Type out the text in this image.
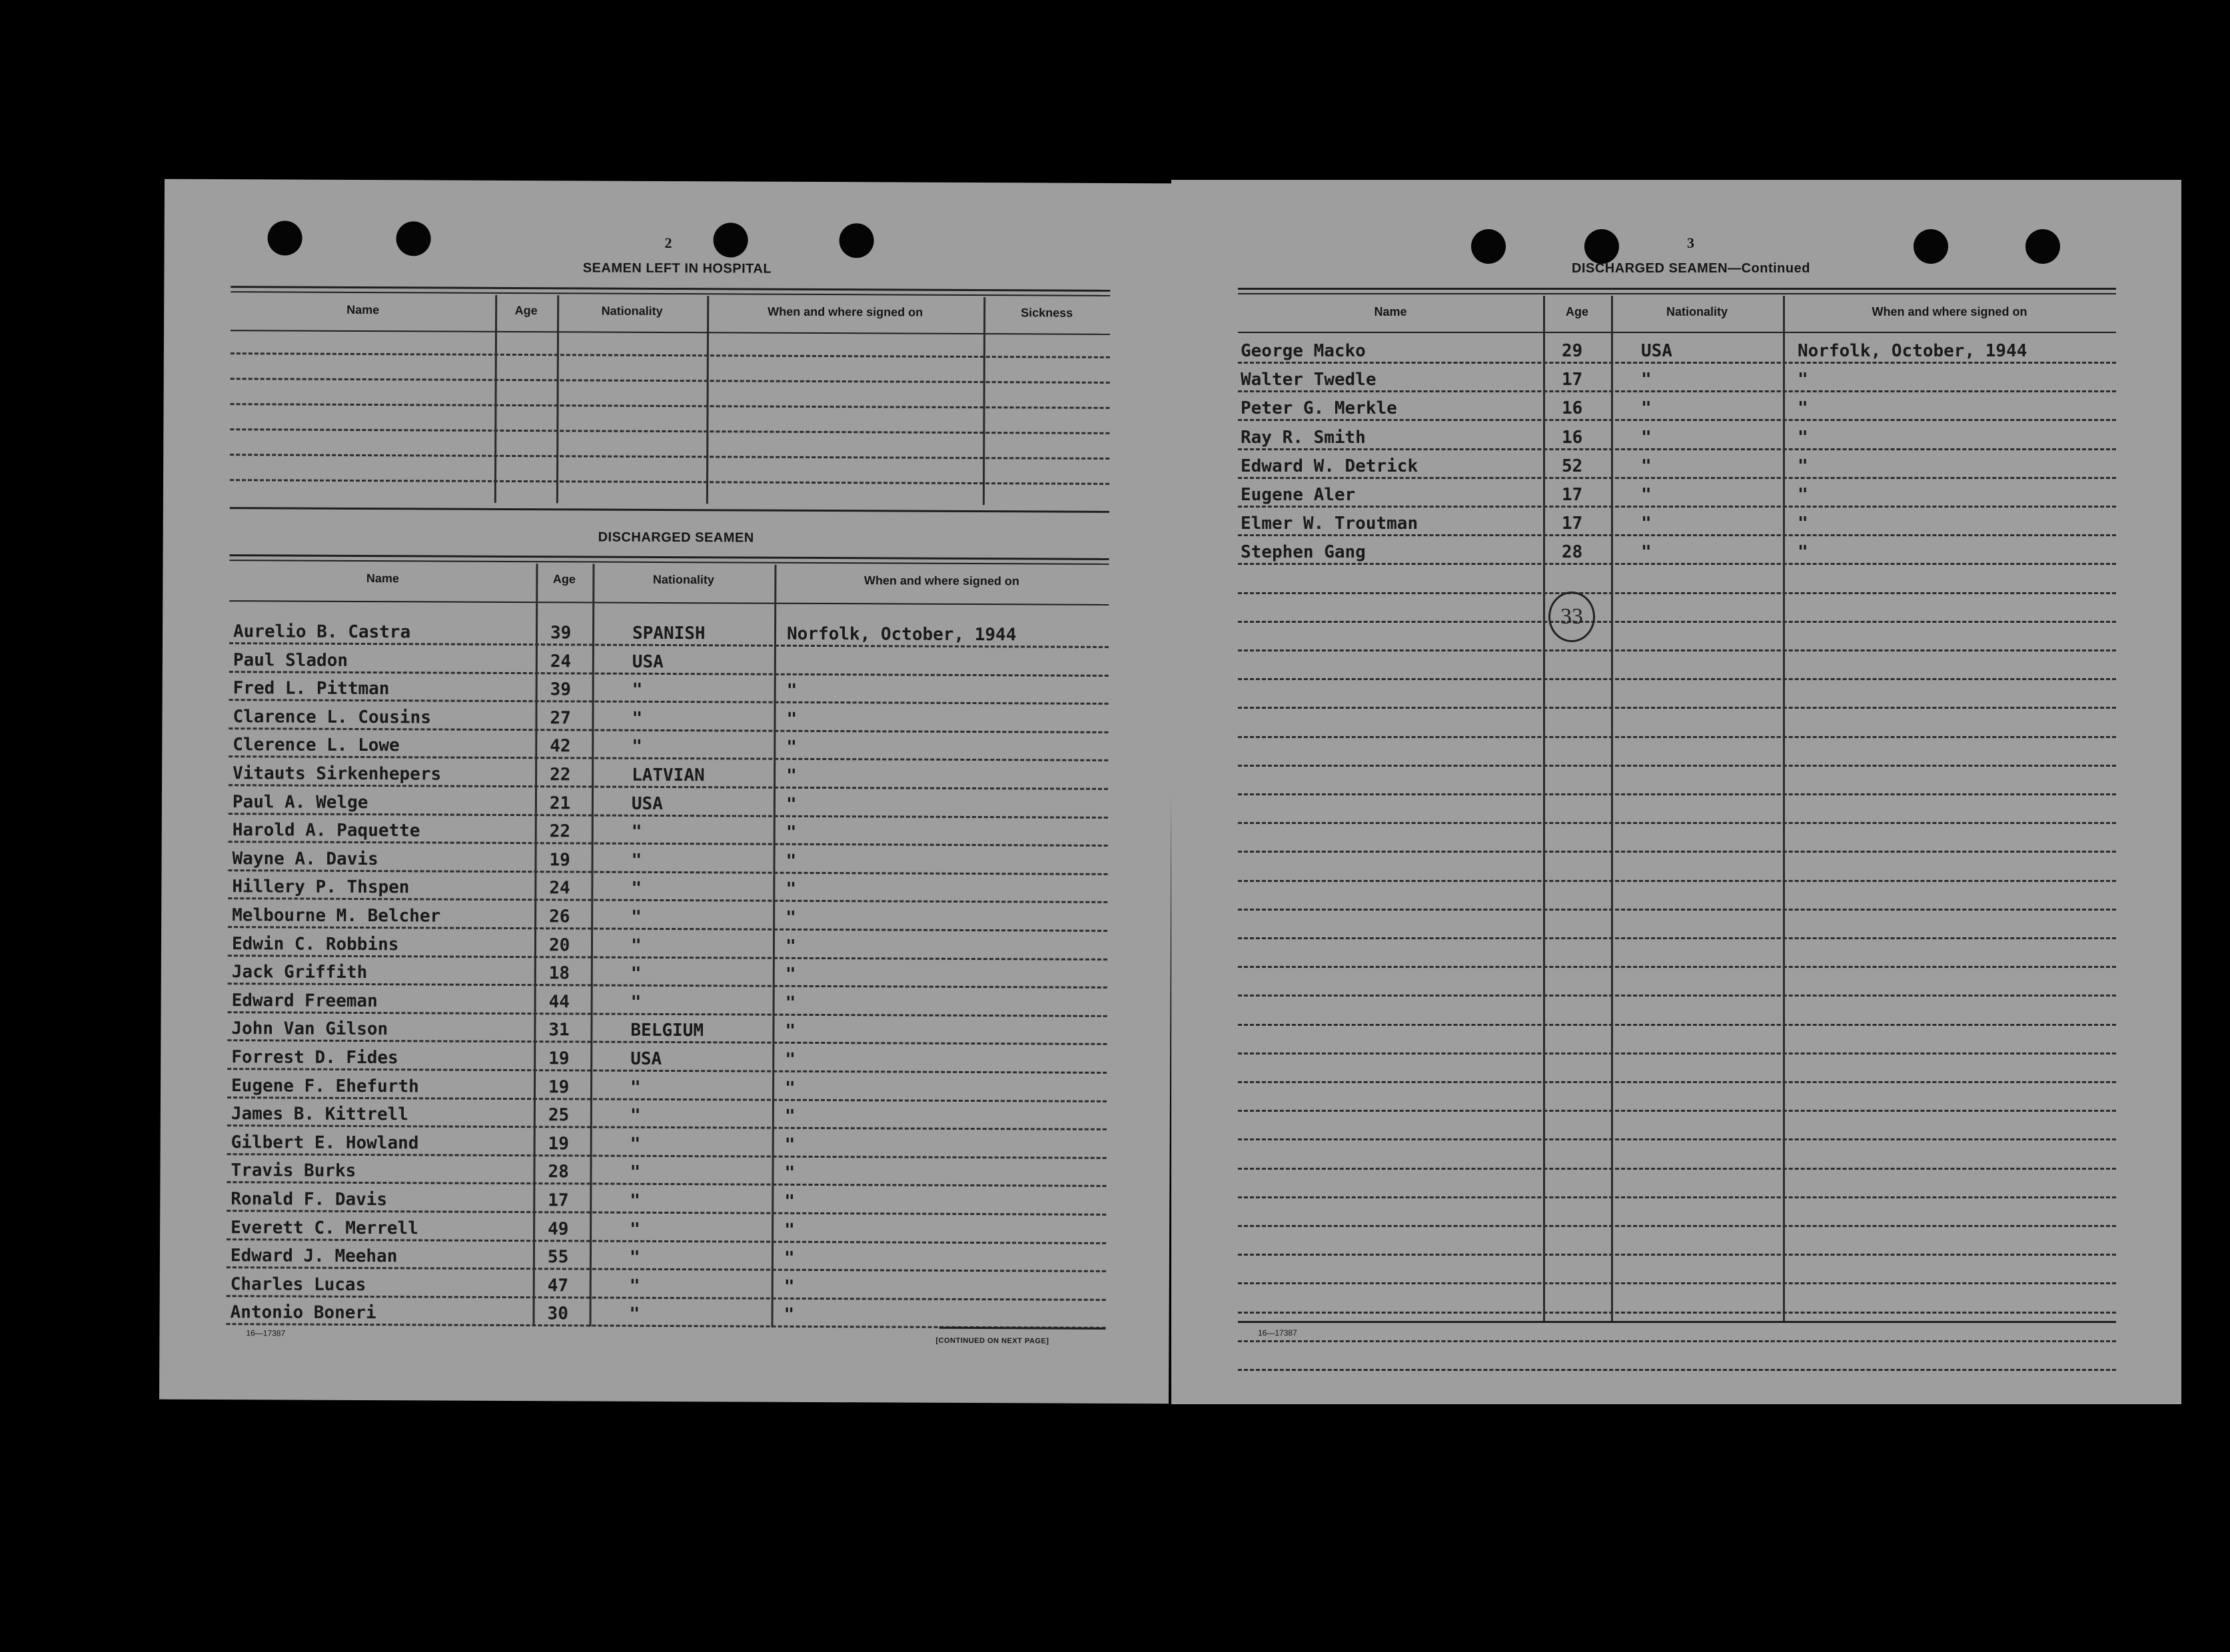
2
SEAMEN LEFT IN HOSPITAL
Name	Age	Nationality	When and where signed on	Sickness
DISCHARGED SEAMEN
Name	Age	Nationality	When and where signed on
Aurelio B. Castra	39	SPANISH	Norfolk, October, 1944
Paul Sladon	24	USA
Fred L. Pittman	39	"	"
Clarence L. Cousins	27	"	"
Clerence L. Lowe	42	"	"
Vitauts Sirkenhepers	22	LATVIAN	"
Paul A. Welge	21	USA	"
Harold A. Paquette	22	"	"
Wayne A. Davis	19	"	"
Hillery P. Thspen	24	"	"
Melbourne M. Belcher	26	"	"
Edwin C. Robbins	20	"	"
Jack Griffith	18	"	"
Edward Freeman	44	"	"
John Van Gilson	31	BELGIUM	"
Forrest D. Fides	19	USA	"
Eugene F. Ehefurth	19	"	"
James B. Kittrell	25	"	"
Gilbert E. Howland	19	"	"
Travis Burks	28	"	"
Ronald F. Davis	17	"	"
Everett C. Merrell	49	"	"
Edward J. Meehan	55	"	"
Charles Lucas	47	"	"
Antonio Boneri	30	"	"
16—17387
[CONTINUED ON NEXT PAGE]
3
DISCHARGED SEAMEN—Continued
Name	Age	Nationality	When and where signed on
George Macko	29	USA	Norfolk, October, 1944
Walter Twedle	17	"	"
Peter G. Merkle	16	"	"
Ray R. Smith	16	"	"
Edward W. Detrick	52	"	"
Eugene Aler	17	"	"
Elmer W. Troutman	17	"	"
Stephen Gang	28	"	"
33
16—17387
